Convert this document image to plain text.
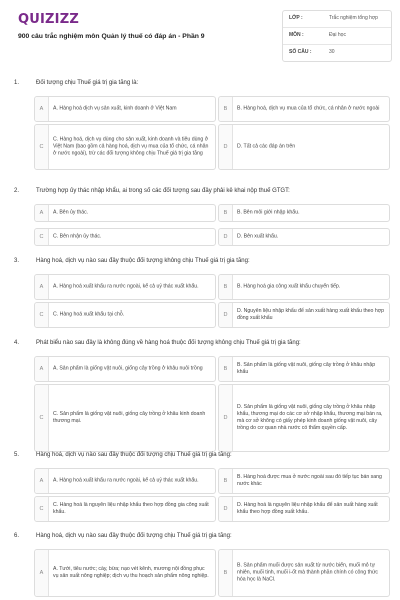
QUIZIZZ
900 câu trắc nghiệm môn Quản lý thuế có đáp án - Phần 9
LỚP :	Trắc nghiệm tổng hợp
MÔN :	Đại học
SỐ CÂU :	30
1.	Đối tượng chịu Thuế giá trị gia tăng là:
A	A. Hàng hoá dịch vụ sản xuất, kinh doanh ở Việt Nam	B	B. Hàng hoá, dịch vụ mua của tổ chức, cá nhân ở nước ngoài
C
C. Hàng hoá, dịch vụ dùng cho sản xuất, kinh doanh và tiêu dùng ở Việt Nam (bao gồm cả hàng hoá, dịch vụ mua của tổ chức, cá nhân ở nước ngoài), trừ các đối tượng không chịu Thuế giá trị gia tăng
D	D. Tất cả các đáp án trên
2.	Trường hợp ủy thác nhập khẩu, ai trong số các đối tượng sau đây phải kê khai nộp thuế GTGT:
A	A. Bên ủy thác.	B	B. Bên môi giới nhập khẩu.
C	C. Bên nhận ủy thác.	D	D. Bên xuất khẩu.
3.	Hàng hoá, dịch vụ nào sau đây thuộc đối tượng không chịu Thuế giá trị gia tăng:
A	A. Hàng hoá xuất khẩu ra nước ngoài, kể cả uỷ thác xuất khẩu.	B	B. Hàng hoá gia công xuất khẩu chuyển tiếp.
C	C. Hàng hoá xuất khẩu tại chỗ.	D
D. Nguyên liệu nhập khẩu để sản xuất hàng xuất khẩu theo hợp đồng xuất khẩu
4.	Phát biểu nào sau đây là không đúng về hàng hoá thuộc đối tượng không chịu Thuế giá trị gia tăng:
A	A. Sản phẩm là giống vật nuôi, giống cây trồng ở khâu nuôi trồng	B
B. Sản phẩm là giống vật nuôi, giống cây trồng ở khâu nhập khẩu
C
C. Sản phẩm là giống vật nuôi, giống cây trồng ở khâu kinh doanh thương mại.	D
D. Sản phẩm là giống vật nuôi, giống cây trồng ở khâu nhập khẩu, thương mại do các cơ sở nhập khẩu, thương mại bán ra, mà cơ sở không có giấy phép kinh doanh giống vật nuôi, cây trồng do cơ quan nhà nước có thẩm quyền cấp.
5.	Hàng hoá, dịch vụ nào sau đây thuộc đối tượng chịu Thuế giá trị gia tăng:
A	A. Hàng hoá xuất khẩu ra nước ngoài, kể cả uỷ thác xuất khẩu.	B
B. Hàng hoá được mua ở nước ngoài sau đó tiếp tục bán sang nước khác
C
C. Hàng hoá là nguyên liệu nhập khẩu theo hợp đồng gia công xuất khẩu.	D
D. Hàng hoá là nguyên liệu nhập khẩu để sản xuất hàng xuất khẩu theo hợp đồng xuất khẩu.
6.	Hàng hoá, dịch vụ nào sau đây thuộc đối tượng chịu Thuế giá trị gia tăng:
A
A. Tưới, tiêu nước; cày, bừa; nạo vét kênh, mương nội đồng phục vụ sản xuất nông nghiệp; dịch vụ thu hoạch sản phẩm nông nghiệp.	B
B. Sản phẩm muối được sản xuất từ nước biển, muối mỏ tự nhiên, muối tinh, muối i-ốt mà thành phần chính có công thức hóa học là NaCl.
